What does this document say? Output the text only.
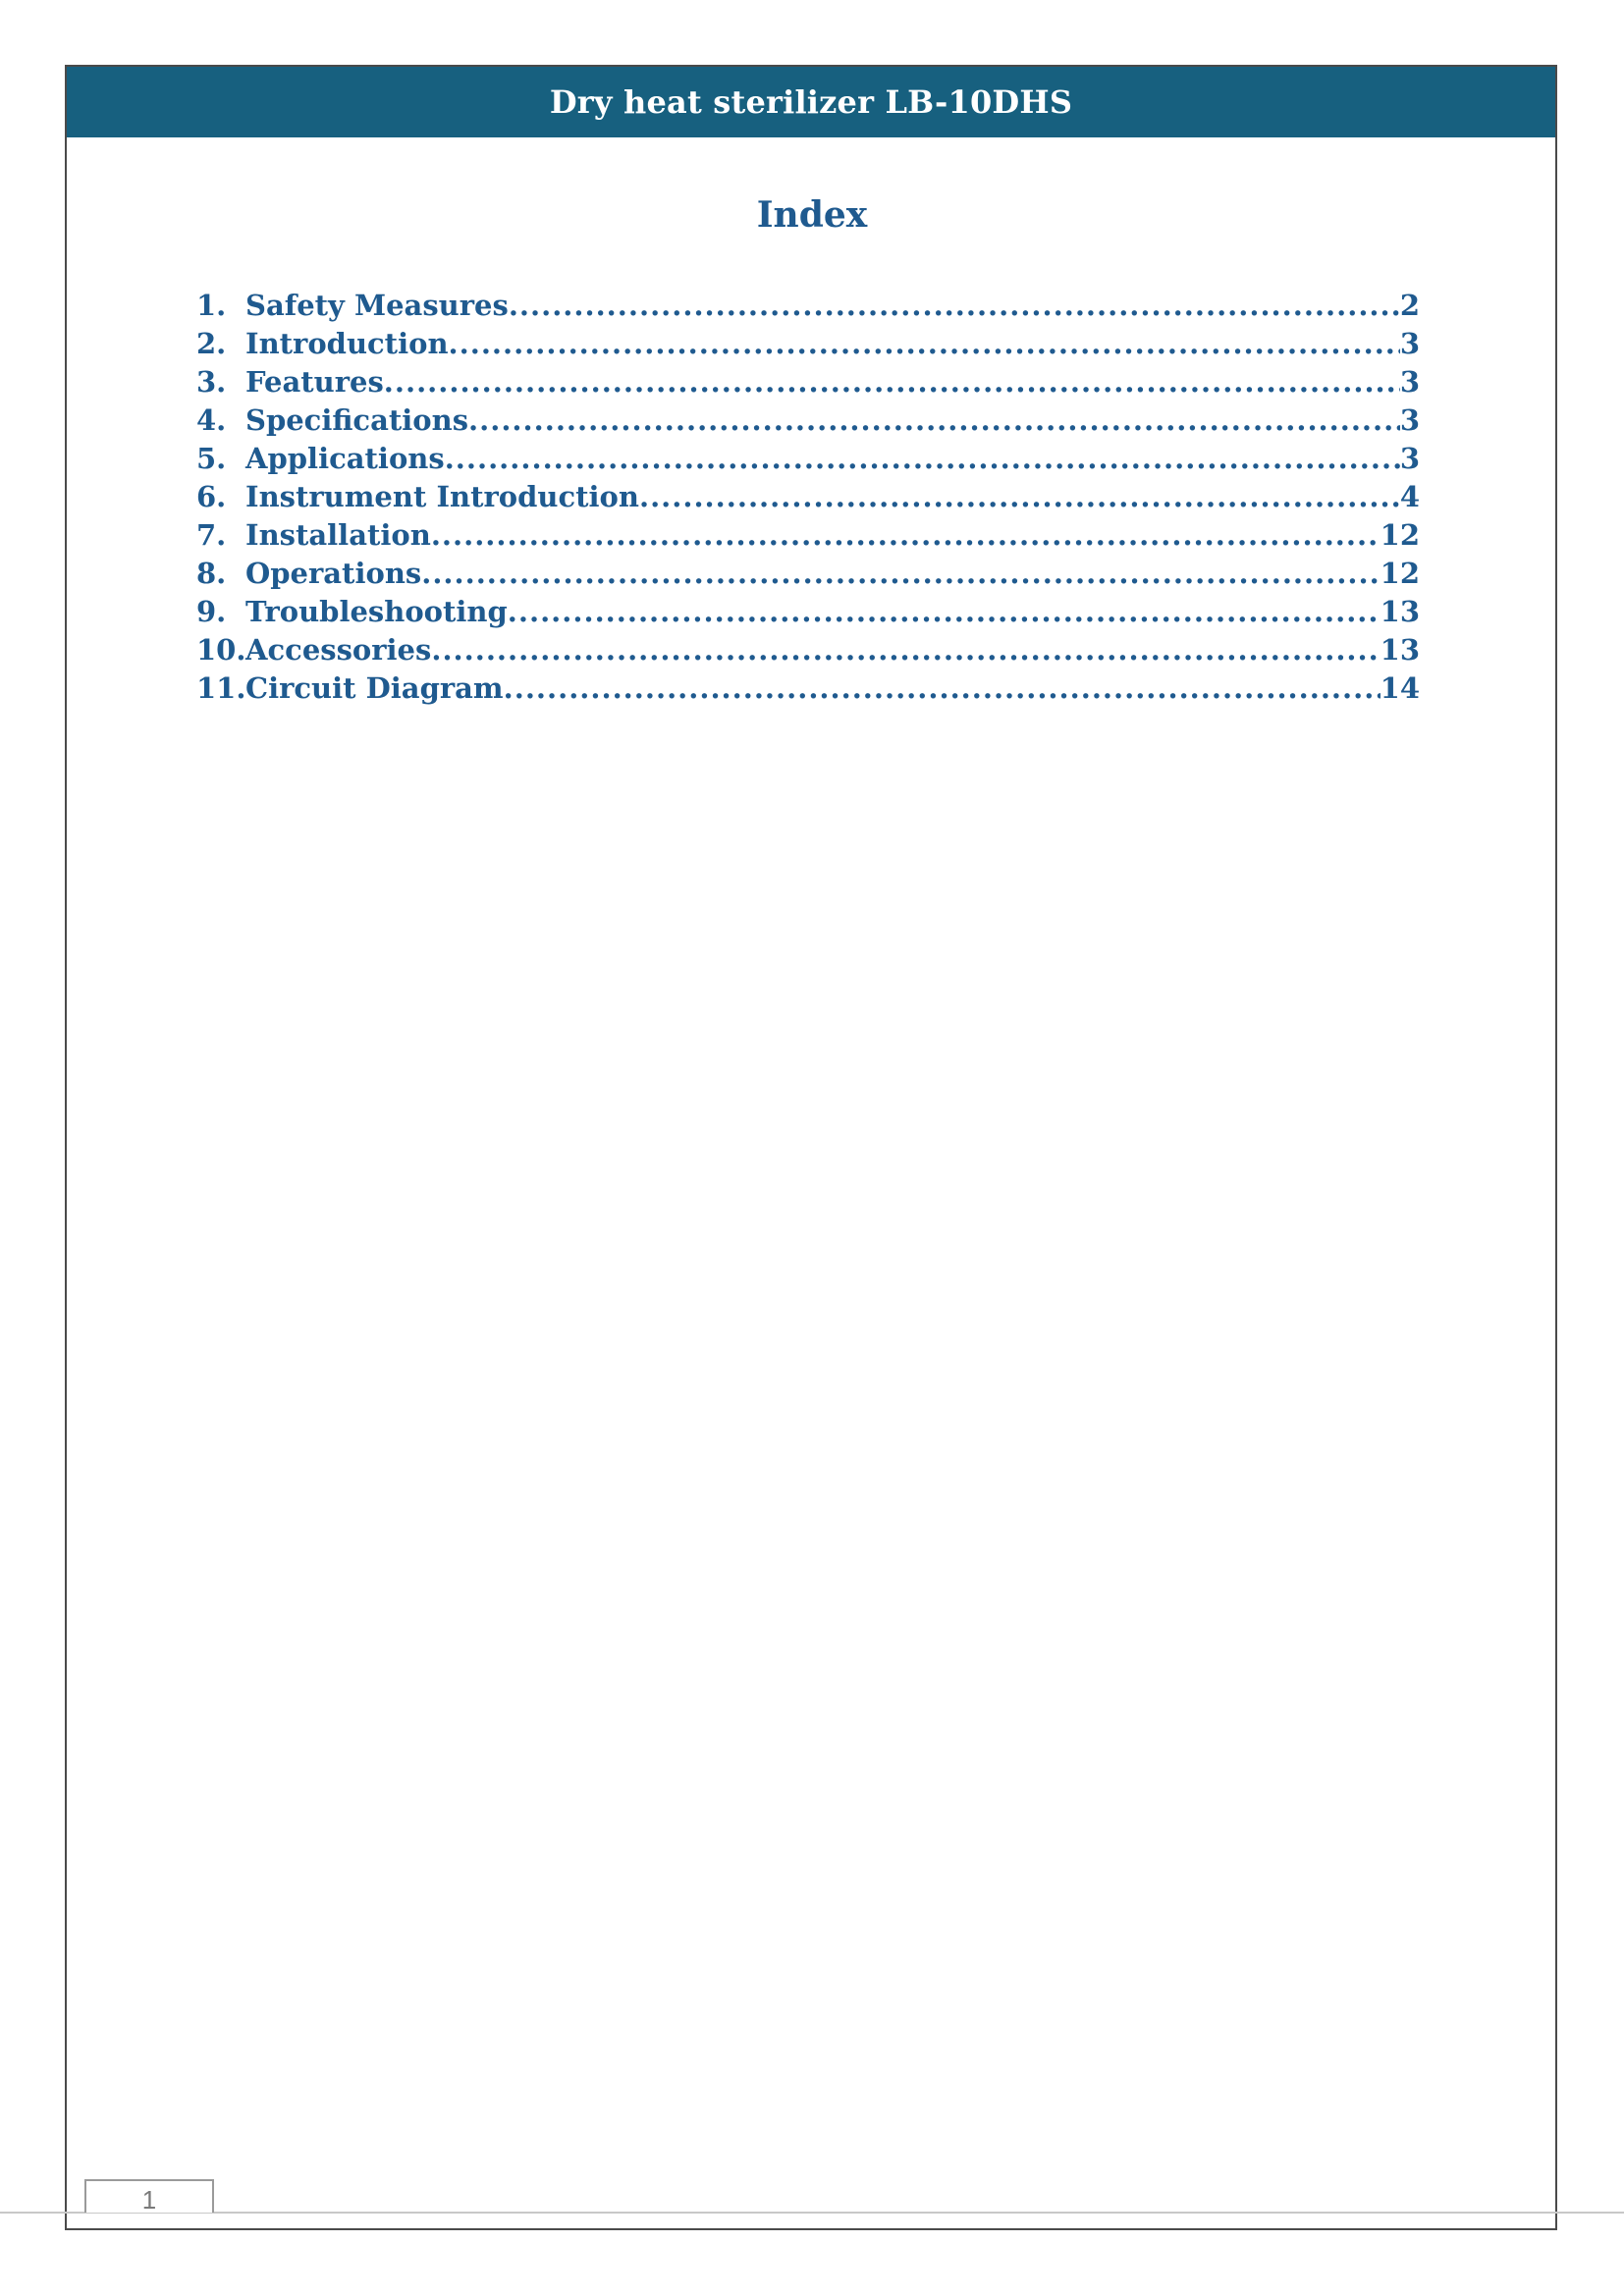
Dry heat sterilizer LB-10DHS
Index
1. Safety Measures .....	2
2. Introduction .....	3
3. Features .....	3
4. Specifications .....	3
5. Applications .....	3
6. Instrument Introduction .....	4
7. Installation .....	12
8. Operations .....	12
9. Troubleshooting .....	13
10. Accessories .....	13
11. Circuit Diagram .....	14
1
